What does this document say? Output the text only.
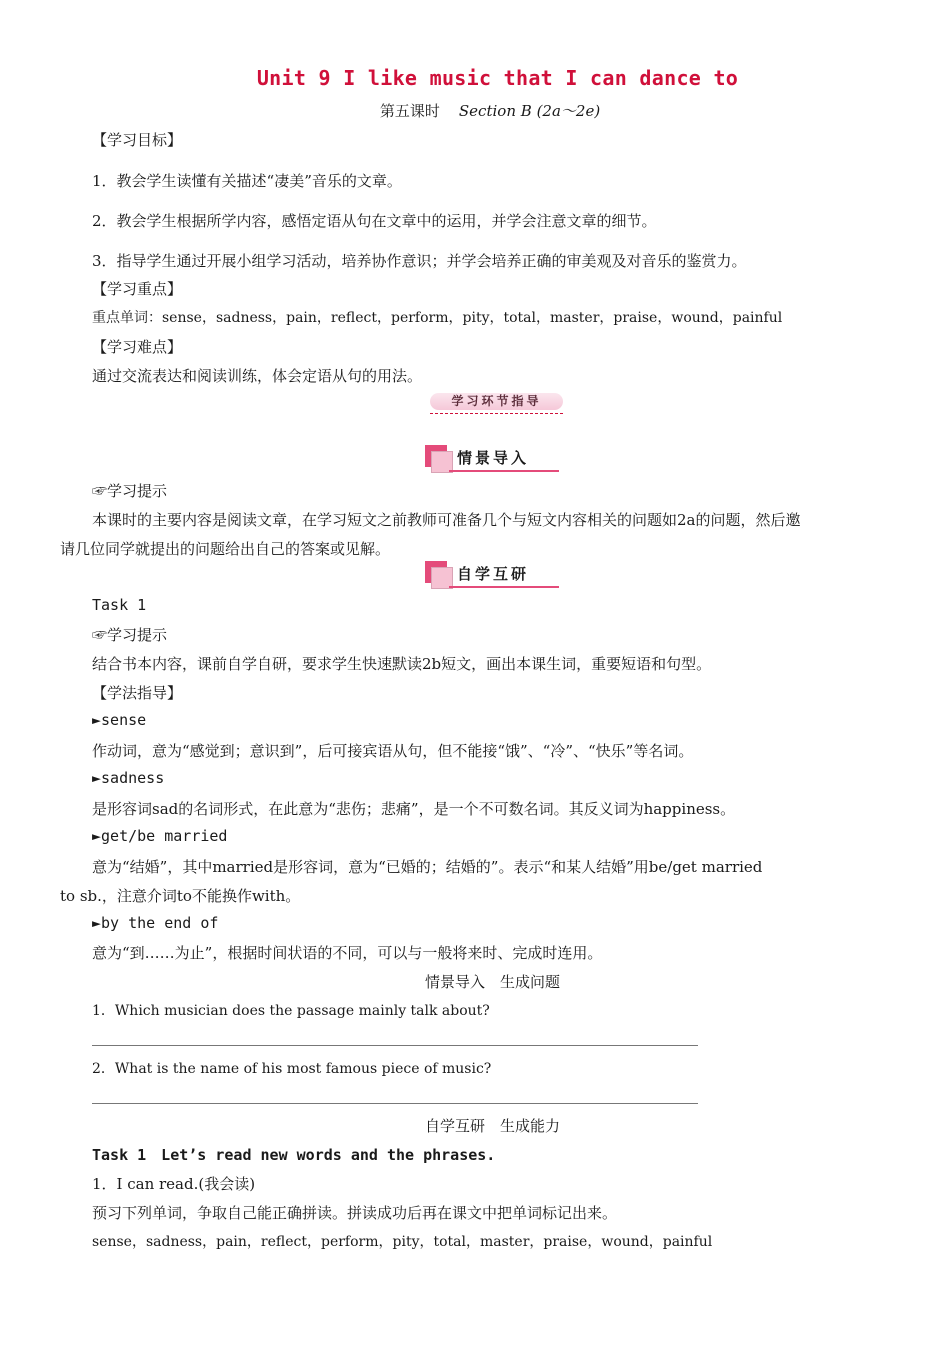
Unit 9 I like music that I can dance to
第五课时 Section B (2a～2e)
【学习目标】
1．教会学生读懂有关描述“凄美”音乐的文章。
2．教会学生根据所学内容，感悟定语从句在文章中的运用，并学会注意文章的细节。
3．指导学生通过开展小组学习活动，培养协作意识；并学会培养正确的审美观及对音乐的鉴赏力。
【学习重点】
重点单词：sense，sadness，pain，reflect，perform，pity，total，master，praise，wound，painful
【学习难点】
通过交流表达和阅读训练，体会定语从句的用法。
学习环节指导
情景导入
☞学习提示
本课时的主要内容是阅读文章，在学习短文之前教师可准备几个与短文内容相关的问题如2a的问题，然后邀
请几位同学就提出的问题给出自己的答案或见解。
自学互研
Task 1
☞学习提示
结合书本内容，课前自学自研，要求学生快速默读2b短文，画出本课生词，重要短语和句型。
【学法指导】
►sense
作动词，意为“感觉到；意识到”，后可接宾语从句，但不能接“饿”、“冷”、“快乐”等名词。
►sadness
是形容词sad的名词形式，在此意为“悲伤；悲痛”，是一个不可数名词。其反义词为happiness。
►get/be married
意为“结婚”，其中married是形容词，意为“已婚的；结婚的”。表示“和某人结婚”用be/get married
to sb.，注意介词to不能换作with。
►by the end of
意为“到……为止”，根据时间状语的不同，可以与一般将来时、完成时连用。
情景导入　生成问题
1．Which musician does the passage mainly talk about?
2．What is the name of his most famous piece of music?
自学互研　生成能力
Task 1　Let’s read new words and the phrases.
1．I can read.(我会读)
预习下列单词，争取自己能正确拼读。拼读成功后再在课文中把单词标记出来。
sense，sadness，pain，reflect，perform，pity，total，master，praise，wound，painful
